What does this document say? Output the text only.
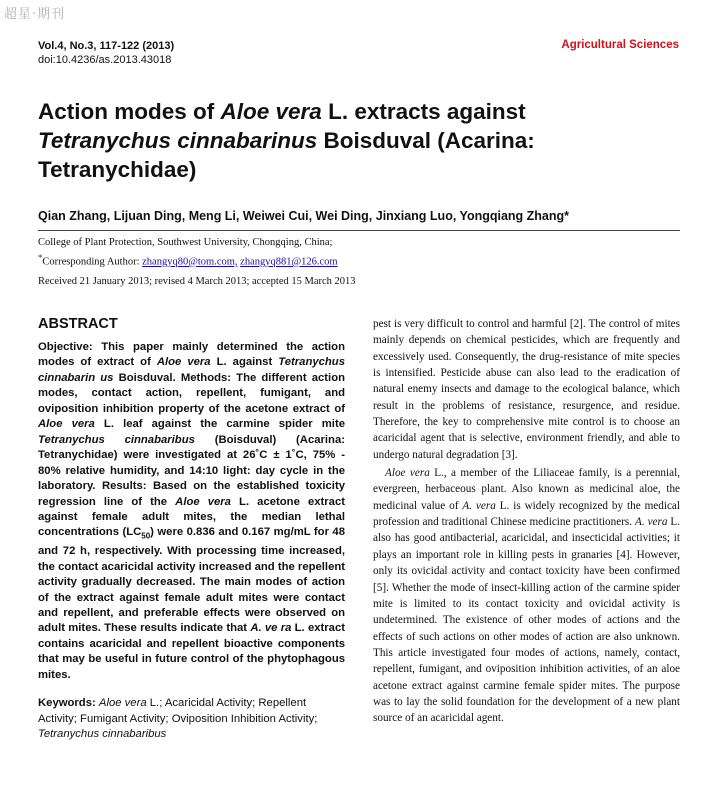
超星·期刊
Vol.4, No.3, 117-122 (2013)
doi:10.4236/as.2013.43018
Agricultural Sciences
Action modes of Aloe vera L. extracts against
Tetranychus cinnabarinus Boisduval (Acarina: Tetranychidae)
Qian Zhang, Lijuan Ding, Meng Li, Weiwei Cui, Wei Ding, Jinxiang Luo, Yongqiang Zhang*
College of Plant Protection, Southwest University, Chongqing, China;
*Corresponding Author: zhangyq80@tom.com, zhangyq881@126.com
Received 21 January 2013; revised 4 March 2013; accepted 15 March 2013
ABSTRACT

Objective: This paper mainly determined the action modes of extract of Aloe vera L. against Tetranychus cinnabarin us Boisduval. Methods: The different action modes, contact action, repellent, fumigant, and oviposition inhibition property of the acetone extract of Aloe vera L. leaf against the carmine spider mite Tetranychus cinnabaribus (Boisduval) (Acarina: Tetranychidae) were investigated at 26˚C ± 1˚C, 75% - 80% relative humidity, and 14:10 light: day cycle in the laboratory. Results: Based on the established toxicity regression line of the Aloe vera L. acetone extract against female adult mites, the median lethal concentrations $(LC_{50})$ were 0.836 and 0.167 mg/mL for 48 and 72 h, respectively. With processing time increased, the contact acaricidal activity increased and the repellent activity gradually decreased. The main modes of action of the extract against female adult mites were contact and repellent, and preferable effects were observed on adult mites. These results indicate that A. ve ra L. extract contains acaricidal and repellent bioactive components that may be useful in future control of the phytophagous mites.

Keywords: Aloe vera L.; Acaricidal Activity; Repellent Activity; Fumigant Activity; Oviposition Inhibition Activity; Tetranychus cinnabaribus

pest is very difficult to control and harmful [2]. The control of mites mainly depends on chemical pesticides, which are frequently and excessively used. Consequently, the drug-resistance of mite species is intensified. Pesticide abuse can also lead to the eradication of natural enemy insects and damage to the ecological balance, which result in the problems of resistance, resurgence, and residue. Therefore, the key to comprehensive mite control is to choose an acaricidal agent that is selective, environment friendly, and able to undergo natural degradation [3].

Aloe vera L., a member of the Liliaceae family, is a perennial, evergreen, herbaceous plant. Also known as medicinal aloe, the medicinal value of A. vera L. is widely recognized by the medical profession and traditional Chinese medicine practitioners. A. vera L. also has good antibacterial, acaricidal, and insecticidal activities; it plays an important role in killing pests in granaries [4]. However, only its ovicidal activity and contact toxicity have been confirmed [5]. Whether the mode of insect-killing action of the carmine spider mite is limited to its contact toxicity and ovicidal activity is undetermined. The existence of other modes of actions and the effects of such actions on other modes of action are also unknown. This article investigated four modes of actions, namely, contact, repellent, fumigant, and oviposition inhibition activities, of an aloe acetone extract against carmine female spider mites. The purpose was to lay the solid foundation for the development of a new plant source of an acaricidal agent.
